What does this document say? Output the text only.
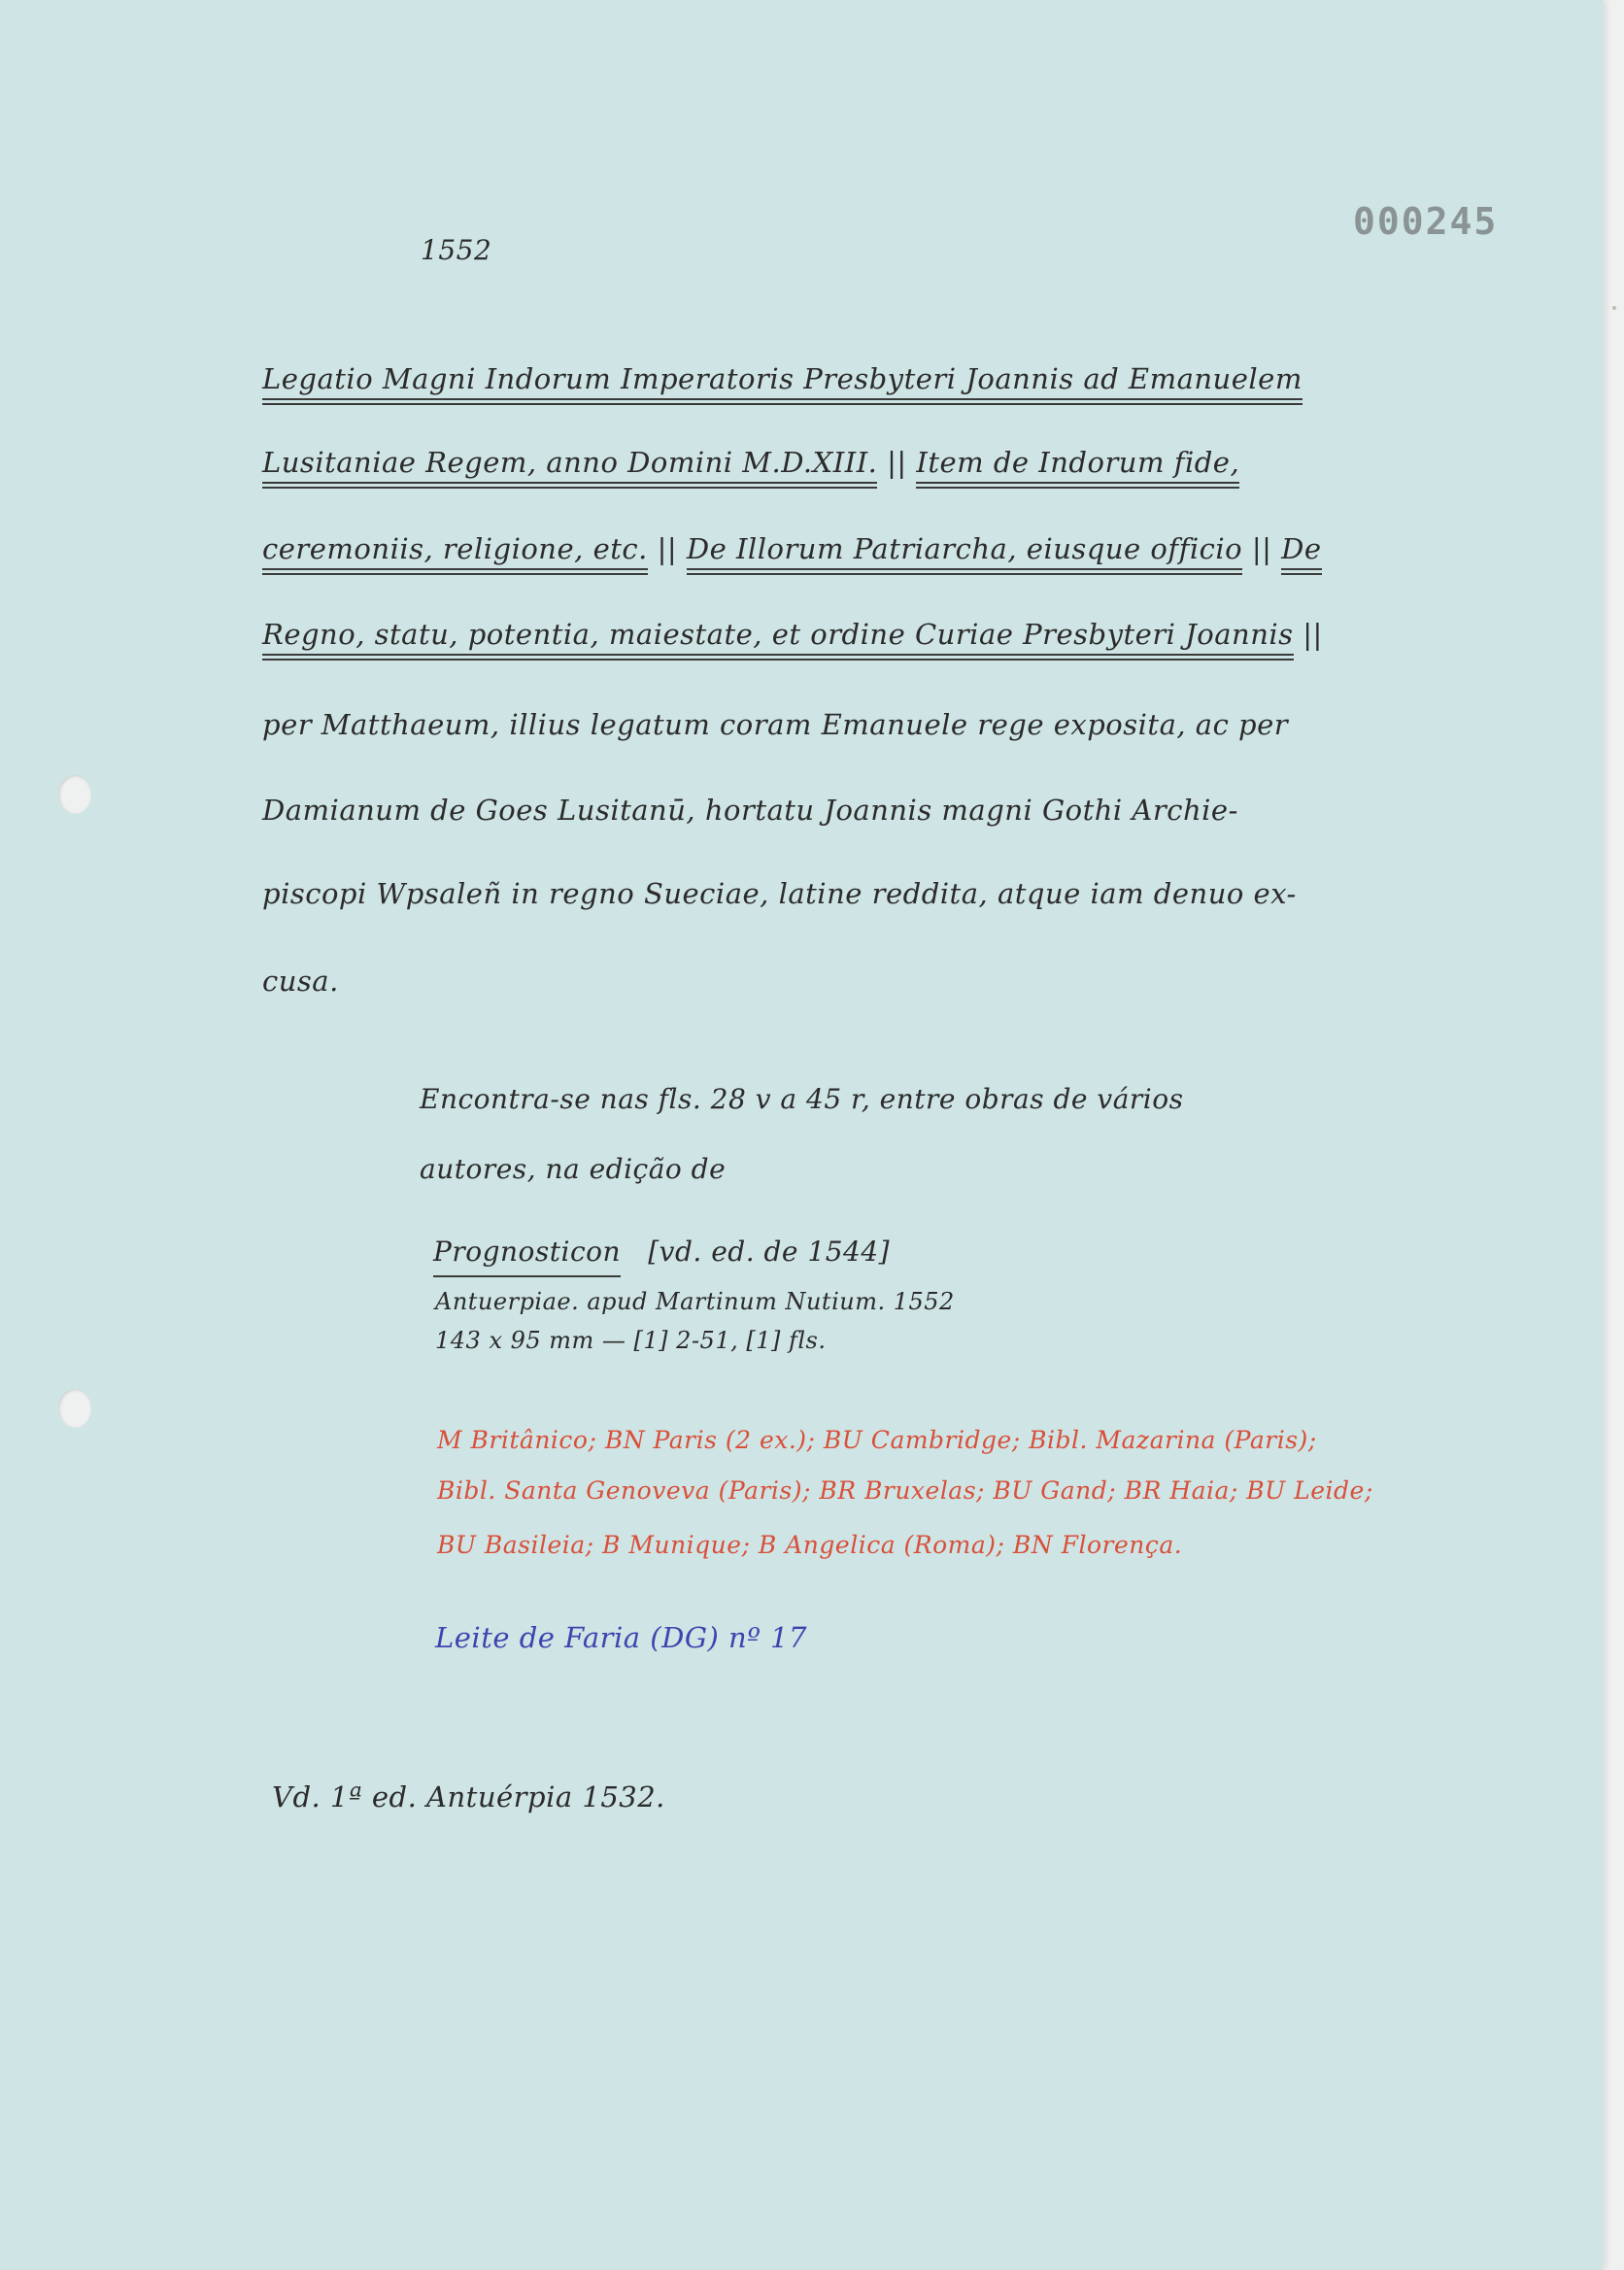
000245
1552
Legatio Magni Indorum Imperatoris Presbyteri Joannis ad Emanuelem
Lusitaniae Regem, anno Domini M.D.XIII. || Item de Indorum fide,
ceremoniis, religione, etc. || De Illorum Patriarcha, eiusque officio || De
Regno, statu, potentia, maiestate, et ordine Curiae Presbyteri Joannis ||
per Matthaeum, illius legatum coram Emanuele rege exposita, ac per
Damianum de Goes Lusitanū, hortatu Joannis magni Gothi Archie-
piscopi Wpsaleñ in regno Sueciae, latine reddita, atque iam denuo ex-
cusa.
Encontra-se nas fls. 28 v a 45 r, entre obras de vários
autores, na edição de
Prognosticon [vd. ed. de 1544]
Antuerpiae. apud Martinum Nutium. 1552
143 x 95 mm — [1] 2-51, [1] fls.
M Britânico; BN Paris (2 ex.); BU Cambridge; Bibl. Mazarina (Paris);
Bibl. Santa Genoveva (Paris); BR Bruxelas; BU Gand; BR Haia; BU Leide;
BU Basileia; B Munique; B Angelica (Roma); BN Florença.
Leite de Faria (DG) nº 17
Vd. 1ª ed. Antuérpia 1532.
